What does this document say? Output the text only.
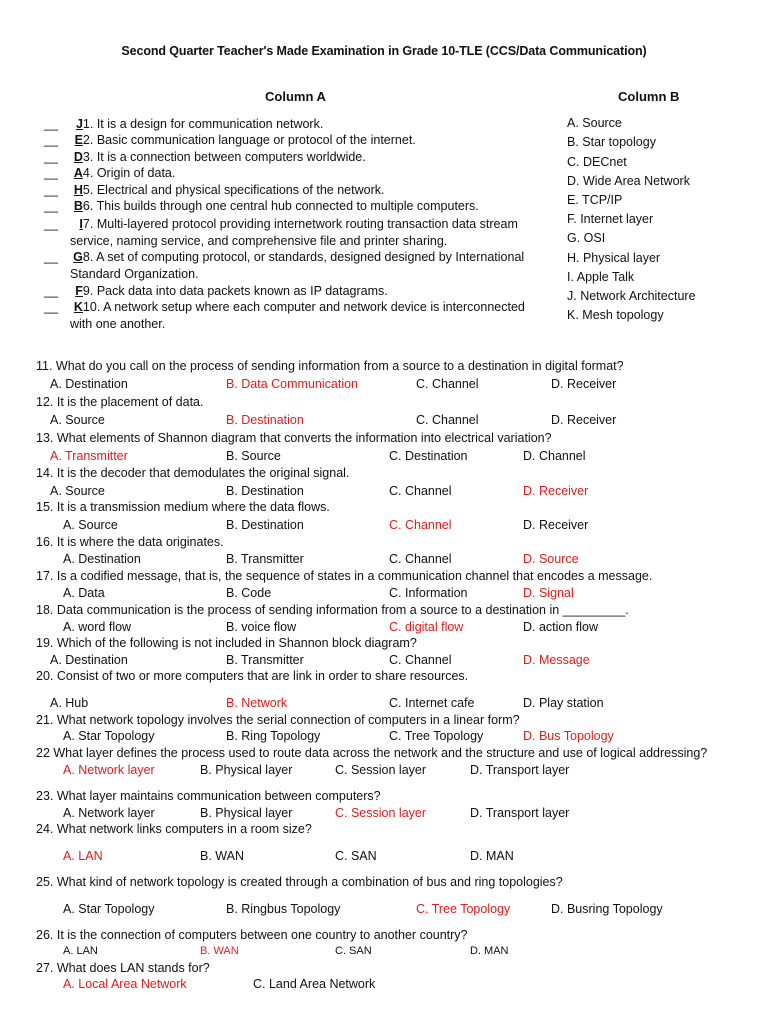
Second Quarter Teacher's Made Examination in Grade 10-TLE (CCS/Data Communication)
Column A	Column B
__ J1. It is a design for communication network.
__ E2. Basic communication language or protocol of the internet.
__ D3. It is a connection between computers worldwide.
__ A4. Origin of data.
__ H5. Electrical and physical specifications of the network.
__ B6. This builds through one central hub connected to multiple computers.
__ I7. Multi-layered protocol providing internetwork routing transaction data stream
service, naming service, and comprehensive file and printer sharing.
__ G8. A set of computing protocol, or standards, designed designed by International
Standard Organization.
__ F9. Pack data into data packets known as IP datagrams.
__ K10. A network setup where each computer and network device is interconnected
with one another.
A. Source
B. Star topology
C. DECnet
D. Wide Area Network
E. TCP/IP
F. Internet layer
G. OSI
H. Physical layer
I. Apple Talk
J. Network Architecture
K. Mesh topology
11. What do you call on the process of sending information from a source to a destination in digital format?
A. Destination	B. Data Communication	C. Channel	D. Receiver
12. It is the placement of data.
A. Source	B. Destination	C. Channel	D. Receiver
13. What elements of Shannon diagram that converts the information into electrical variation?
A. Transmitter	B. Source	C. Destination	D. Channel
14. It is the decoder that demodulates the original signal.
A. Source	B. Destination	C. Channel	D. Receiver
15. It is a transmission medium where the data flows.
A. Source	B. Destination	C. Channel	D. Receiver
16. It is where the data originates.
A. Destination	B. Transmitter	C. Channel	D. Source
17. Is a codified message, that is, the sequence of states in a communication channel that encodes a message.
A. Data	B. Code	C. Information	D. Signal
18. Data communication is the process of sending information from a source to a destination in _________.
A. word flow	B. voice flow	C. digital flow	D. action flow
19. Which of the following is not included in Shannon block diagram?
A. Destination	B. Transmitter	C. Channel	D. Message
20. Consist of two or more computers that are link in order to share resources.
A. Hub	B. Network	C. Internet cafe	D. Play station
21. What network topology involves the serial connection of computers in a linear form?
A. Star Topology	B. Ring Topology	C. Tree Topology	D. Bus Topology
22 What layer defines the process used to route data across the network and the structure and use of logical addressing?
A. Network layer	B. Physical layer	C. Session layer	D. Transport layer
23. What layer maintains communication between computers?
A. Network layer	B. Physical layer	C. Session layer	D. Transport layer
24. What network links computers in a room size?
A. LAN	B. WAN	C. SAN	D. MAN
25. What kind of network topology is created through a combination of bus and ring topologies?
A. Star Topology	B. Ringbus Topology	C. Tree Topology	D. Busring Topology
26. It is the connection of computers between one country to another country?
A. LAN	B. WAN	C. SAN	D. MAN
27. What does LAN stands for?
A. Local Area Network	C. Land Area Network
